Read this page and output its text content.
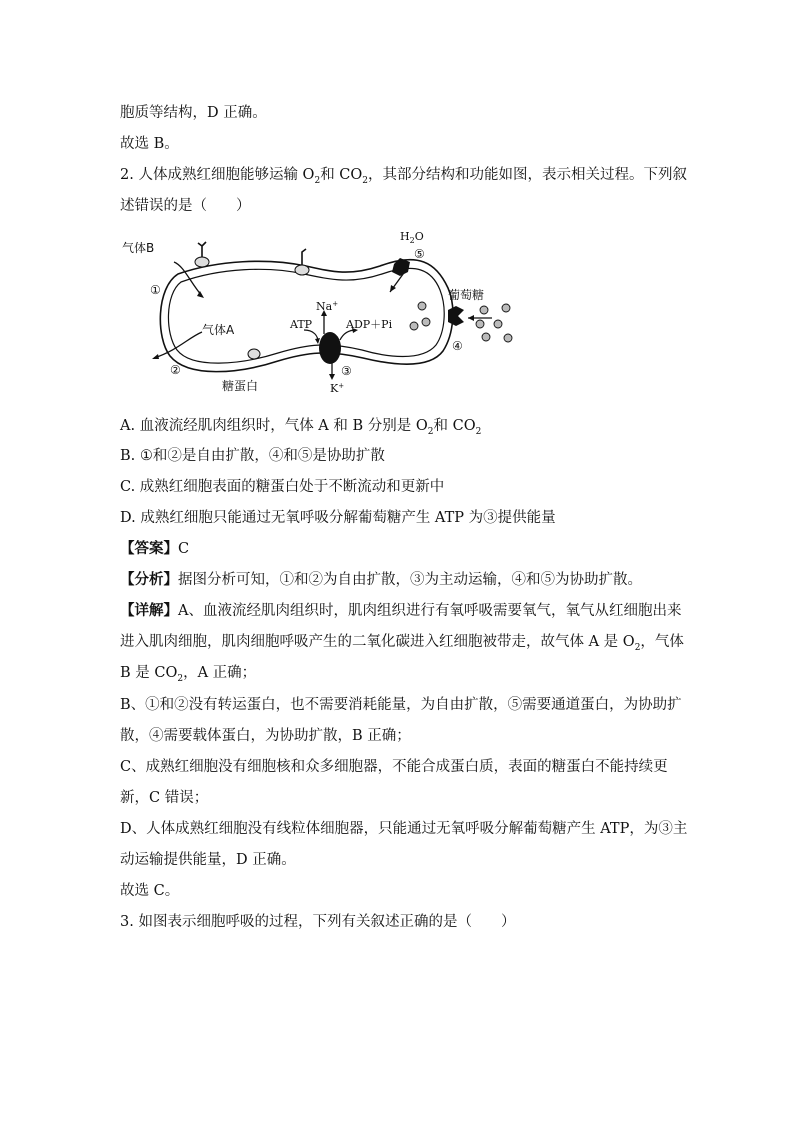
胞质等结构，D 正确。
故选 B。
2. 人体成熟红细胞能够运输 $O_2$和 $CO_2$，其部分结构和功能如图，表示相关过程。下列叙
述错误的是（　　）
$H_2O$
⑤
葡萄糖
④
Na+
K+
ATP	ADP＋Pi
③
气体B
①
气体A
②
糖蛋白
A. 血液流经肌肉组织时，气体 A 和 B 分别是 $O_2$和 $CO_2$
B. ①和②是自由扩散，④和⑤是协助扩散
C. 成熟红细胞表面的糖蛋白处于不断流动和更新中
D. 成熟红细胞只能通过无氧呼吸分解葡萄糖产生 ATP 为③提供能量
【答案】C
【分析】据图分析可知，①和②为自由扩散，③为主动运输，④和⑤为协助扩散。
【详解】A、血液流经肌肉组织时，肌肉组织进行有氧呼吸需要氧气，氧气从红细胞出来
进入肌肉细胞，肌肉细胞呼吸产生的二氧化碳进入红细胞被带走，故气体 A 是 $O_2$，气体
B 是 $CO_2$，A 正确；
B、①和②没有转运蛋白，也不需要消耗能量，为自由扩散，⑤需要通道蛋白，为协助扩
散，④需要载体蛋白，为协助扩散，B 正确；
C、成熟红细胞没有细胞核和众多细胞器，不能合成蛋白质，表面的糖蛋白不能持续更
新，C 错误；
D、人体成熟红细胞没有线粒体细胞器，只能通过无氧呼吸分解葡萄糖产生 ATP，为③主
动运输提供能量，D 正确。
故选 C。
3. 如图表示细胞呼吸的过程，下列有关叙述正确的是（　　）
